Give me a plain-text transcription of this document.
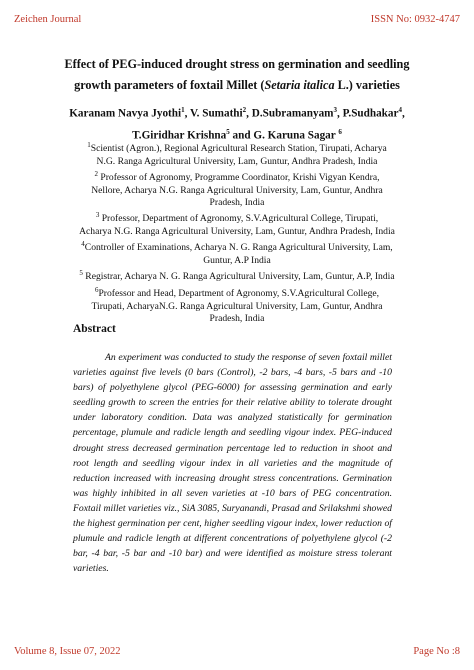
Zeichen Journal	ISSN No: 0932-4747
Effect of PEG-induced drought stress on germination and seedling
growth parameters of foxtail Millet (Setaria italica L.) varieties
Karanam Navya Jyothi$^1$, V. Sumathi$^2$, D.Subramanyam$^3$, P.Sudhakar$^4$,
T.Giridhar Krishna$^5$ and G. Karuna Sagar $^6$
$^1$Scientist (Agron.), Regional Agricultural Research Station, Tirupati, Acharya
N.G. Ranga Agricultural University, Lam, Guntur, Andhra Pradesh, India
$^2$ Professor of Agronomy, Programme Coordinator, Krishi Vigyan Kendra,
Nellore, Acharya N.G. Ranga Agricultural University, Lam, Guntur, Andhra
Pradesh, India
$^3$ Professor, Department of Agronomy, S.V.Agricultural College, Tirupati,
Acharya N.G. Ranga Agricultural University, Lam, Guntur, Andhra Pradesh, India
$^4$Controller of Examinations, Acharya N. G. Ranga Agricultural University, Lam,
Guntur, A.P India
$^5$ Registrar, Acharya N. G. Ranga Agricultural University, Lam, Guntur, A.P, India
$^6$Professor and Head, Department of Agronomy, S.V.Agricultural College,
Tirupati, AcharyaN.G. Ranga Agricultural University, Lam, Guntur, Andhra
Pradesh, India
Abstract
An experiment was conducted to study the response of seven foxtail millet varieties against five levels (0 bars (Control), -2 bars, -4 bars, -5 bars and -10 bars) of polyethylene glycol (PEG-6000) for assessing germination and early seedling growth to screen the entries for their relative ability to tolerate drought under laboratory condition. Data was analyzed statistically for germination percentage, plumule and radicle length and seedling vigour index. PEG-induced drought stress decreased germination percentage led to reduction in shoot and root length and seedling vigour index in all varieties and the magnitude of reduction increased with increasing drought stress concentrations. Germination was highly inhibited in all seven varieties at -10 bars of PEG concentration. Foxtail millet varieties viz., SiA 3085, Suryanandi, Prasad and Srilakshmi showed the highest germination per cent, higher seedling vigour index, lower reduction of plumule and radicle length at different concentrations of polyethylene glycol (-2 bar, -4 bar, -5 bar and -10 bar) and were identified as moisture stress tolerant varieties.
Volume 8, Issue 07, 2022	Page No :8
